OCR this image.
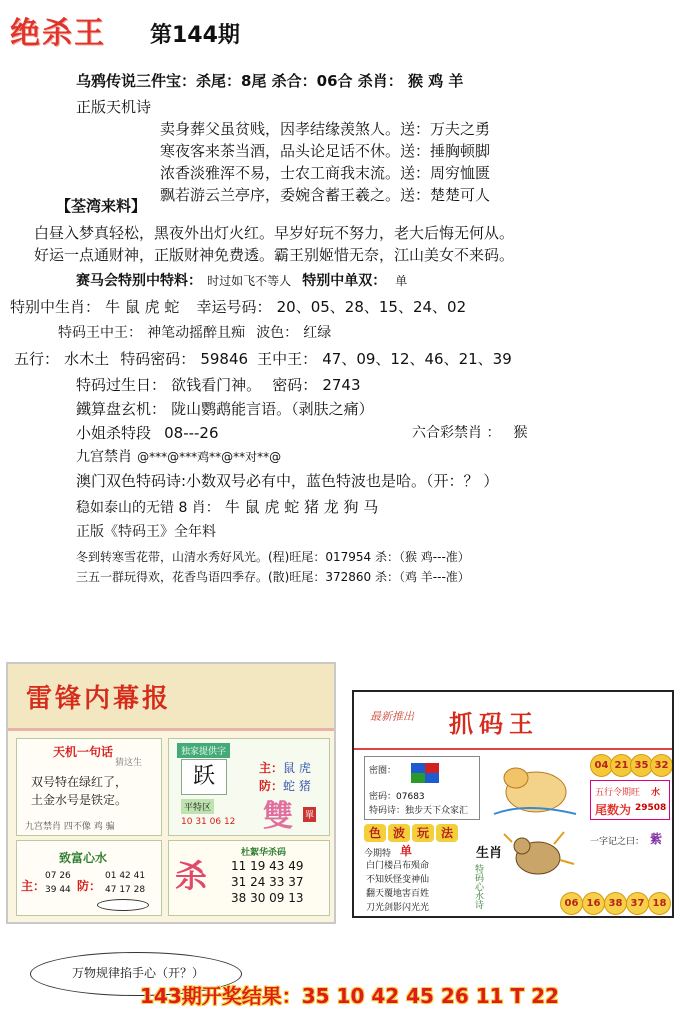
绝杀王 第144期
乌鸦传说三件宝：杀尾：8尾 杀合：06合 杀肖： 猴 鸡 羊
正版天机诗
卖身葬父虽贫贱，因孝结缘羡煞人。送：万夫之勇
寒夜客来茶当酒，品头论足话不休。送：捶胸顿脚
浓香淡雅浑不易，士农工商我末流。送：周穷恤匮
飘若游云兰亭序，委婉含蓄王羲之。送：楚楚可人
【荃湾来料】
白昼入梦真轻松，黑夜外出灯火红。早岁好玩不努力，老大后悔无何从。
好运一点通财神，正版财神免费透。霸王别姬惜无奈，江山美女不来码。
赛马会特别中特料： 时过如飞不等人 特别中单双： 单
特别中生肖： 牛 鼠 虎 蛇 幸运号码： 20、05、28、15、24、02
特码王中王： 神笔动摇醉且痴 波色： 红绿
五行： 水木土 特码密码： 59846 王中王： 47、09、12、46、21、39
特码过生日： 欲钱看门神。 密码： 2743
鐵算盘玄机： 陇山鹦鹉能言语。（剥肤之痛）
小姐杀特段 08---26	六合彩禁肖 ： 猴
九宫禁肖 @***@***鸡**@**对**@
澳门双色特码诗:小数双号必有中，蓝色特波也是哈。（开：？ ）
稳如泰山的无错 8 肖： 牛 鼠 虎 蛇 猪 龙 狗 马
正版《特码王》全年料
冬到转寒雪花带，山清水秀好风光。(程)旺尾：017954 杀：（猴 鸡---准）
三五一群玩得欢，花香鸟语四季存。(散)旺尾：372860 杀：（鸡 羊---准）
雷锋内幕报
天机一句话
猜这生
双号特在绿红了，
土金水号是铁定。
九宫禁肖 四不像 鸡 骗
独家提供字
跃	主：鼠 虎
防：蛇 猪
平特区
10 31 06 12 雙 單
致富心水
主：
07 26
39 44 防：
01 42 41
47 17 28 杀
杜絮华杀码
11 19 43 49
31 24 33 37
38 30 09 13
最新推出 抓码王
密圈：
密码：07683
特码诗：独步天下众家汇
04 21 35 32
五行令期旺 水
尾数为 29508
色 波 玩 法
今期特 单	生肖
白门楼吕布殒命
不知妖怪变神仙
翻天覆地害百姓
刀光剑影闪光光	特码心水诗
一字记之曰： 紫
06 16 38 37 18
万物规律掐手心（开？）
143期开奖结果：35 10 42 45 26 11 T 22
